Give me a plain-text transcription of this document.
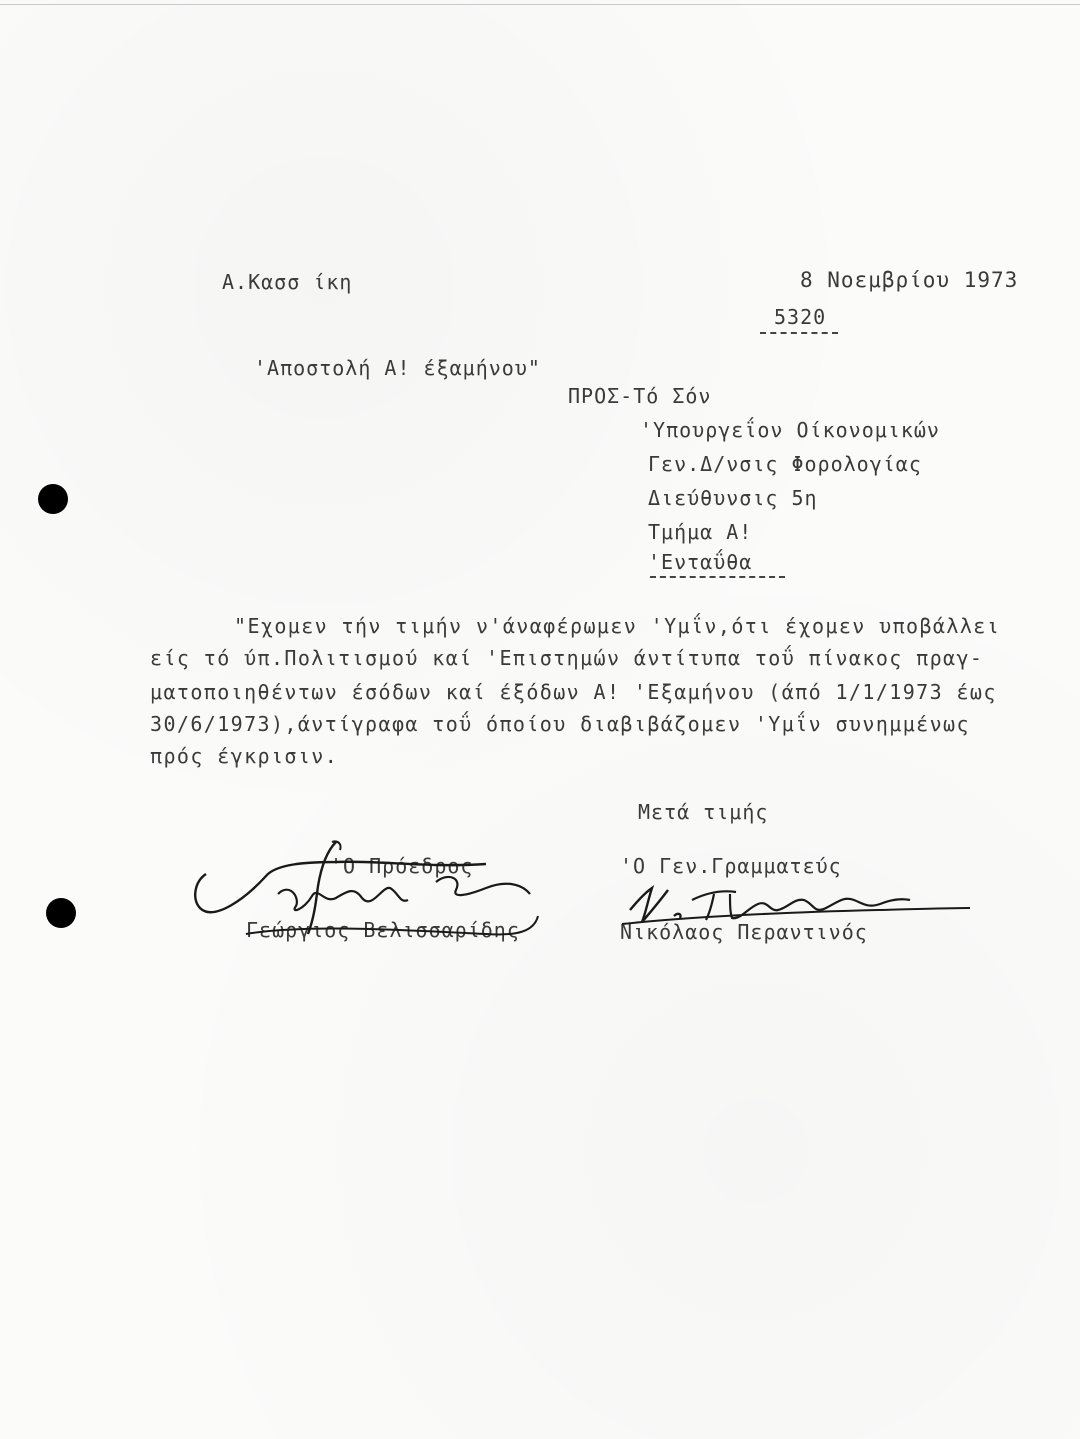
Α.Κασσ ίκη	8 Νοεμβρίου 1973
5320
'Αποστολή Α! έξαμήνου"
ΠΡΟΣ-Τό Σόν
'Υπουργεΐον Οίκονομικών
Γεν.Δ/νσις Φορολογίας
Διεύθυνσις 5η
Τμήμα Α!
'Ενταΰθα
"Εχομεν τήν τιμήν ν'άναφέρωμεν 'Υμΐν,ότι έχομεν υποβάλλει
είς τό ύπ.Πολιτισμού καί 'Επιστημών άντίτυπα τοΰ πίνακος πραγ-
ματοποιηθέντων έσόδων καί έξόδων Α! 'Εξαμήνου (άπό 1/1/1973 έως
30/6/1973),άντίγραφα τοΰ όποίου διαβιβάζομεν 'Υμΐν συνημμένως
πρός έγκρισιν.
Μετά τιμής
'Ο Πρόεδρος
Γεώργιος Βελισσαρίδης
'Ο Γεν.Γραμματεύς
Νικόλαος Περαντινός
